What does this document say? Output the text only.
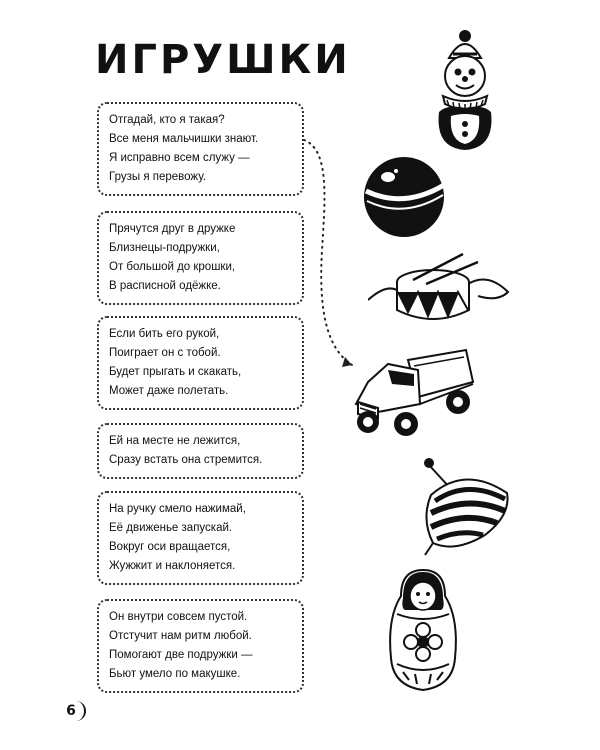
ИГРУШКИ
Отгадай, кто я такая?
Все меня мальчишки знают.
Я исправно всем служу —
Грузы я перевожу.
Прячутся друг в дружке
Близнецы-подружки,
От большой до крошки,
В расписной одёжке.
Если бить его рукой,
Поиграет он с тобой.
Будет прыгать и скакать,
Может даже полетать.
Ей на месте не лежится,
Сразу встать она стремится.
На ручку смело нажимай,
Её движенье запускай.
Вокруг оси вращается,
Жужжит и наклоняется.
Он внутри совсем пустой.
Отстучит нам ритм любой.
Помогают две подружки —
Бьют умело по макушке.
6
